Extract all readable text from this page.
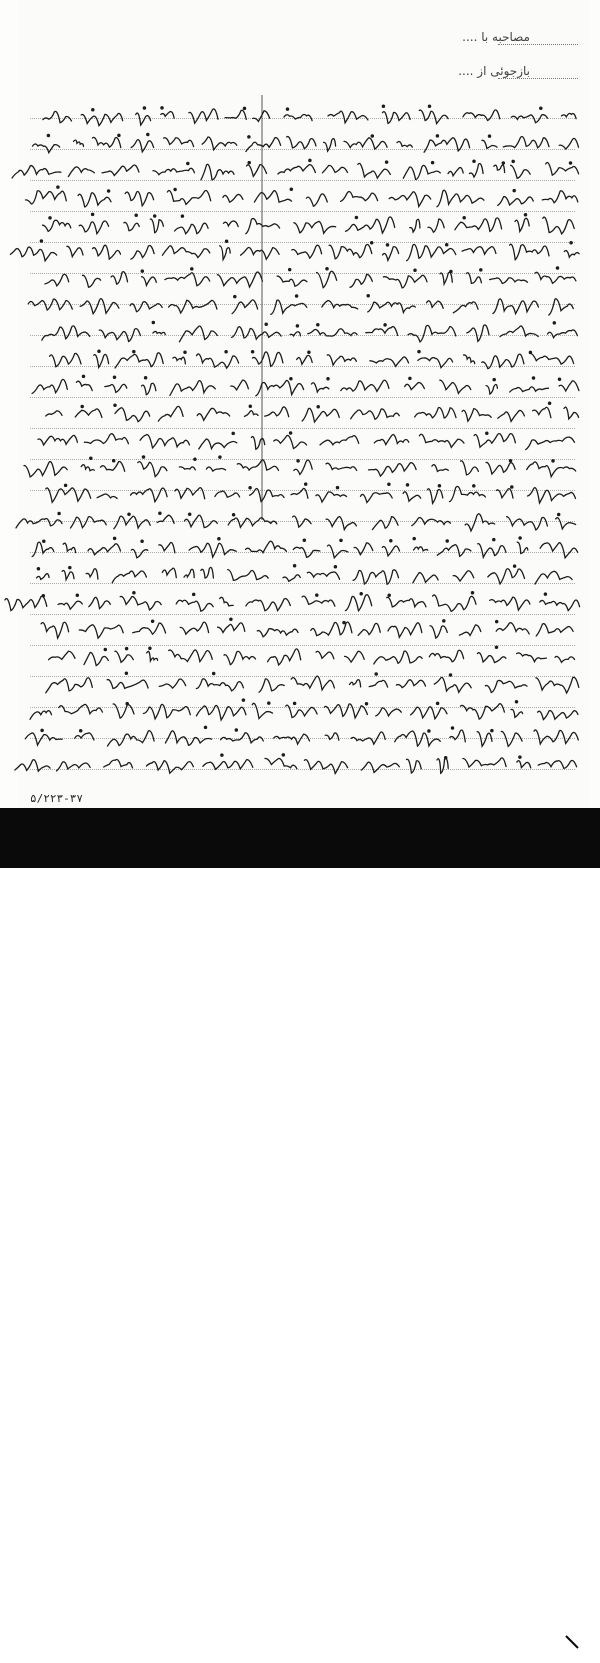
مصاحبه با ....
بازجوئی از ....
۵/۲۲۳-۳۷
مؤسسه مطالعات و پژوهشهای سیاسی
www.psri.ir
